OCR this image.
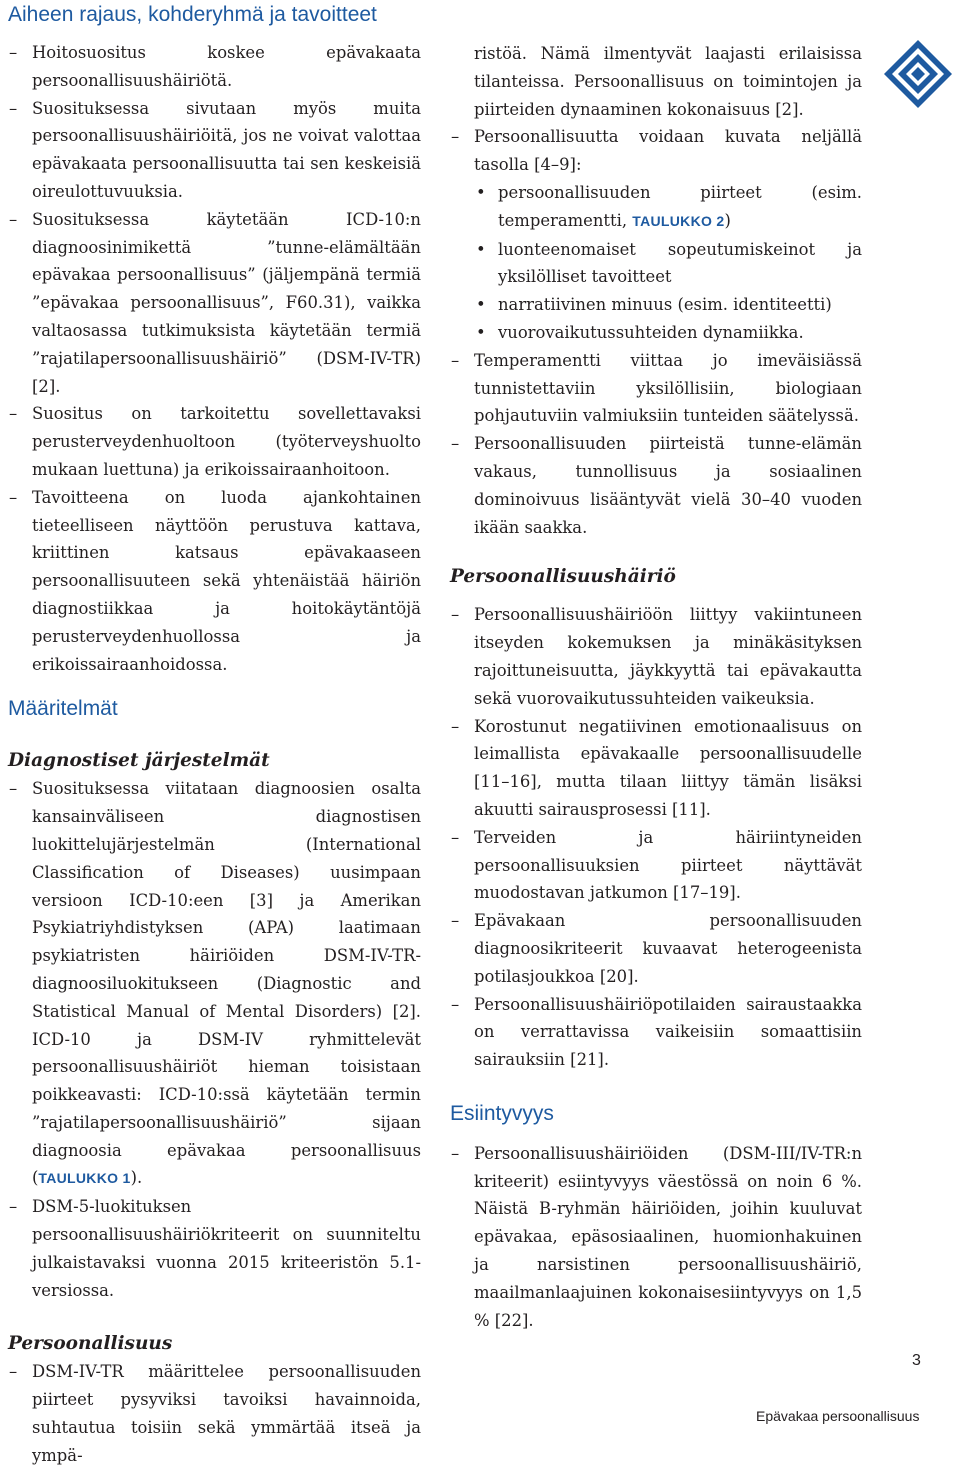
Aiheen rajaus, kohderyhmä ja tavoitteet
– Hoitosuositus koskee epävakaata persoonallisuushäiriötä.
– Suosituksessa sivutaan myös muita persoonallisuushäiriöitä, jos ne voivat valottaa epävakaata persoonallisuutta tai sen keskeisiä oireulottuvuuksia.
– Suosituksessa käytetään ICD-10:n diagnoosinimikettä ”tunne-elämältään epävakaa persoonallisuus” (jäljempänä termiä ”epävakaa persoonallisuus”, F60.31), vaikka valtaosassa tutkimuksista käytetään termiä ”rajatilapersoonallisuushäiriö” (DSM-IV-TR) [2].
– Suositus on tarkoitettu sovellettavaksi perusterveydenhuoltoon (työterveyshuolto mukaan luettuna) ja erikoissairaanhoitoon.
– Tavoitteena on luoda ajankohtainen tieteelliseen näyttöön perustuva kattava, kriittinen katsaus epävakaaseen persoonallisuuteen sekä yhtenäistää häiriön diagnostiikkaa ja hoitokäytäntöjä perusterveydenhuollossa ja erikoissairaanhoidossa.
Määritelmät
Diagnostiset järjestelmät
– Suosituksessa viitataan diagnoosien osalta kansainväliseen diagnostisen luokittelujärjestelmän (International Classification of Diseases) uusimpaan versioon ICD-10:een [3] ja Amerikan Psykiatriyhdistyksen (APA) laatimaan psykiatristen häiriöiden DSM-IV-TR-diagnoosiluokitukseen (Diagnostic and Statistical Manual of Mental Disorders) [2]. ICD-10 ja DSM-IV ryhmittelevät persoonallisuushäiriöt hieman toisistaan poikkeavasti: ICD-10:ssä käytetään termin ”rajatilapersoonallisuushäiriö” sijaan diagnoosia epävakaa persoonallisuus (TAULUKKO 1).
– DSM-5-luokituksen persoonallisuushäiriökriteerit on suunniteltu julkaistavaksi vuonna 2015 kriteeristön 5.1-versiossa.
Persoonallisuus
– DSM-IV-TR määrittelee persoonallisuuden piirteet pysyviksi tavoiksi havainnoida, suhtautua toisiin sekä ymmärtää itseä ja ympä-
ristöä. Nämä ilmentyvät laajasti erilaisissa tilanteissa. Persoonallisuus on toimintojen ja piirteiden dynaaminen kokonaisuus [2].
– Persoonallisuutta voidaan kuvata neljällä tasolla [4–9]:
• persoonallisuuden piirteet (esim. temperamentti, TAULUKKO 2)
• luonteenomaiset sopeutumiskeinot ja yksilölliset tavoitteet
• narratiivinen minuus (esim. identiteetti)
• vuorovaikutussuhteiden dynamiikka.
– Temperamentti viittaa jo imeväisiässä tunnistettaviin yksilöllisiin, biologiaan pohjautuviin valmiuksiin tunteiden säätelyssä.
– Persoonallisuuden piirteistä tunne-elämän vakaus, tunnollisuus ja sosiaalinen dominoivuus lisääntyvät vielä 30–40 vuoden ikään saakka.
Persoonallisuushäiriö
– Persoonallisuushäiriöön liittyy vakiintuneen itseyden kokemuksen ja minäkäsityksen rajoittuneisuutta, jäykkyyttä tai epävakautta sekä vuorovaikutussuhteiden vaikeuksia.
– Korostunut negatiivinen emotionaalisuus on leimallista epävakaalle persoonallisuudelle [11–16], mutta tilaan liittyy tämän lisäksi akuutti sairausprosessi [11].
– Terveiden ja häiriintyneiden persoonallisuuksien piirteet näyttävät muodostavan jatkumon [17–19].
– Epävakaan persoonallisuuden diagnoosikriteerit kuvaavat heterogeenista potilasjoukkoa [20].
– Persoonallisuushäiriöpotilaiden sairaustaakka on verrattavissa vaikeisiin somaattisiin sairauksiin [21].
Esiintyvyys
– Persoonallisuushäiriöiden (DSM-III/IV-TR:n kriteerit) esiintyvyys väestössä on noin 6 %. Näistä B-ryhmän häiriöiden, joihin kuuluvat epävakaa, epäsosiaalinen, huomionhakuinen ja narsistinen persoonallisuushäiriö, maailmanlaajuinen kokonaisesiintyvyys on 1,5 % [22].
3
Epävakaa persoonallisuus
